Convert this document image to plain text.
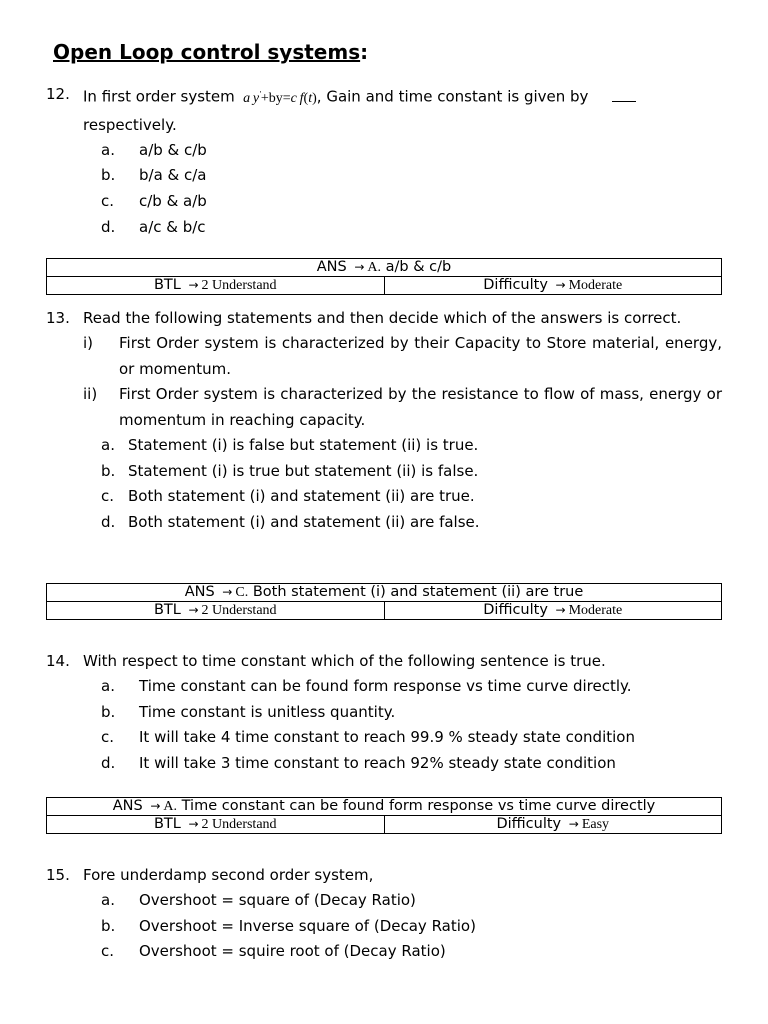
Open Loop control systems:
12. In first order system a  y'+by=c  f(t), Gain and time constant is given by
respectively.
a.	a/b & c/b
b.	b/a & c/a
c.	c/b & a/b
d.	a/c & b/c
ANS → A. a/b & c/b
BTL → 2 Understand	Difficulty → Moderate
13. Read the following statements and then decide which of the answers is correct.
i)	First Order system is characterized by their Capacity to Store material, energy, or momentum.
ii)	First Order system is characterized by the resistance to flow of mass, energy or momentum in reaching capacity.
a. Statement (i) is false but statement (ii) is true.
b. Statement (i) is true but statement (ii) is false.
c. Both statement (i) and statement (ii) are true.
d. Both statement (i) and statement (ii) are false.
ANS → C. Both statement (i) and statement (ii) are true
BTL → 2 Understand	Difficulty → Moderate
14. With respect to time constant which of the following sentence is true.
a.	Time constant can be found form response vs time curve directly.
b.	Time constant is unitless quantity.
c.	It will take 4 time constant to reach 99.9 % steady state condition
d.	It will take 3 time constant to reach 92% steady state condition
ANS → A. Time constant can be found form response vs time curve directly
BTL → 2 Understand	Difficulty → Easy
15. Fore underdamp second order system,
a.	Overshoot = square of (Decay Ratio)
b.	Overshoot = Inverse square of (Decay Ratio)
c.	Overshoot = squire root of (Decay Ratio)
